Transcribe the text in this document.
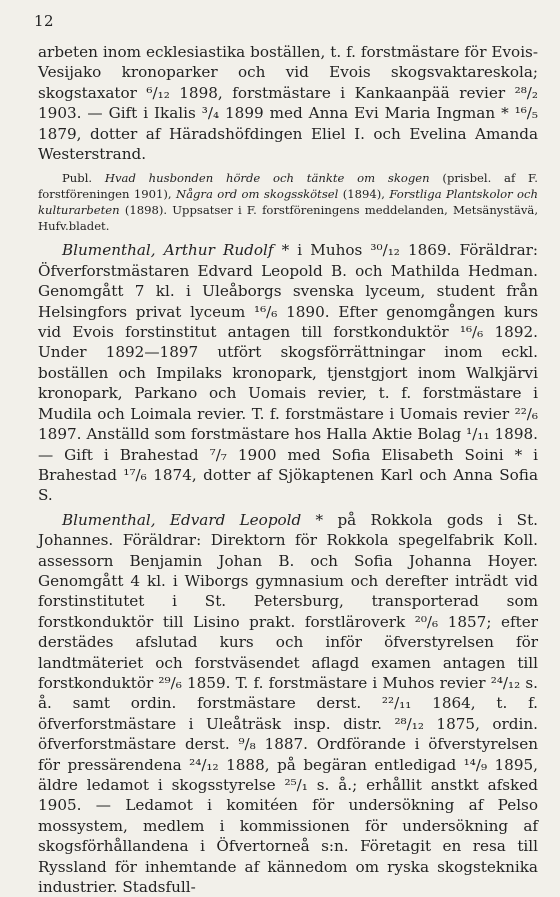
12

arbeten inom ecklesiastika boställen, t. f. forstmästare för Evois-Vesijako kronoparker och vid Evois skogsvaktareskola; skogstaxator ⁶/₁₂ 1898, forstmästare i Kankaanpää revier ²⁸/₂ 1903. — Gift i Ikalis ³/₄ 1899 med Anna Evi Maria Ingman * ¹⁶/₅ 1879, dotter af Häradshöfdingen Eliel I. och Evelina Amanda Westerstrand.

Publ. Hvad husbonden hörde och tänkte om skogen (prisbel. af F. forstföreningen 1901), Några ord om skogsskötsel (1894), Forstliga Plantskolor och kulturarbeten (1898). Uppsatser i F. forstföreningens meddelanden, Metsänystävä, Hufv.bladet.

Blumenthal, Arthur Rudolf * i Muhos ³⁰/₁₂ 1869. Föräldrar: Öfverforstmästaren Edvard Leopold B. och Mathilda Hedman. Genomgått 7 kl. i Uleåborgs svenska lyceum, student från Helsingfors privat lyceum ¹⁶/₆ 1890. Efter genomgången kurs vid Evois forstinstitut antagen till forstkonduktör ¹⁶/₆ 1892. Under 1892—1897 utfört skogsförrättningar inom eckl. boställen och Impilaks kronopark, tjenstgjort inom Walkjärvi kronopark, Parkano och Uomais revier, t. f. forstmästare i Mudila och Loimala revier. T. f. forstmästare i Uomais revier ²²/₆ 1897. Anställd som forstmästare hos Halla Aktie Bolag ¹/₁₁ 1898. — Gift i Brahestad ⁷/₇ 1900 med Sofia Elisabeth Soini * i Brahestad ¹⁷/₆ 1874, dotter af Sjökaptenen Karl och Anna Sofia S.

Blumenthal, Edvard Leopold * på Rokkola gods i St. Johannes. Föräldrar: Direktorn för Rokkola spegelfabrik Koll. assessorn Benjamin Johan B. och Sofia Johanna Hoyer. Genomgått 4 kl. i Wiborgs gymnasium och derefter inträdt vid forstinstitutet i St. Petersburg, transporterad som forstkonduktör till Lisino prakt. forstläroverk ²⁰/₆ 1857; efter derstädes afslutad kurs och inför öfverstyrelsen för landtmäteriet och forstväsendet aflagd examen antagen till forstkonduktör ²⁹/₆ 1859. T. f. forstmästare i Muhos revier ²⁴/₁₂ s. å. samt ordin. forstmästare derst. ²²/₁₁ 1864, t. f. öfverforstmästare i Uleåträsk insp. distr. ²⁸/₁₂ 1875, ordin. öfverforstmästare derst. ⁹/₈ 1887. Ordförande i öfverstyrelsen för pressärendena ²⁴/₁₂ 1888, på begäran entledigad ¹⁴/₉ 1895, äldre ledamot i skogsstyrelse ²⁵/₁ s. å.; erhållit anstkt afsked 1905. — Ledamot i komitéen för undersökning af Pelso mossystem, medlem i kommissionen för undersökning af skogsförhållandena i Öfvertorneå s:n. Företagit en resa till Ryssland för inhemtande af kännedom om ryska skogsteknika industrier. Stadsfull-
